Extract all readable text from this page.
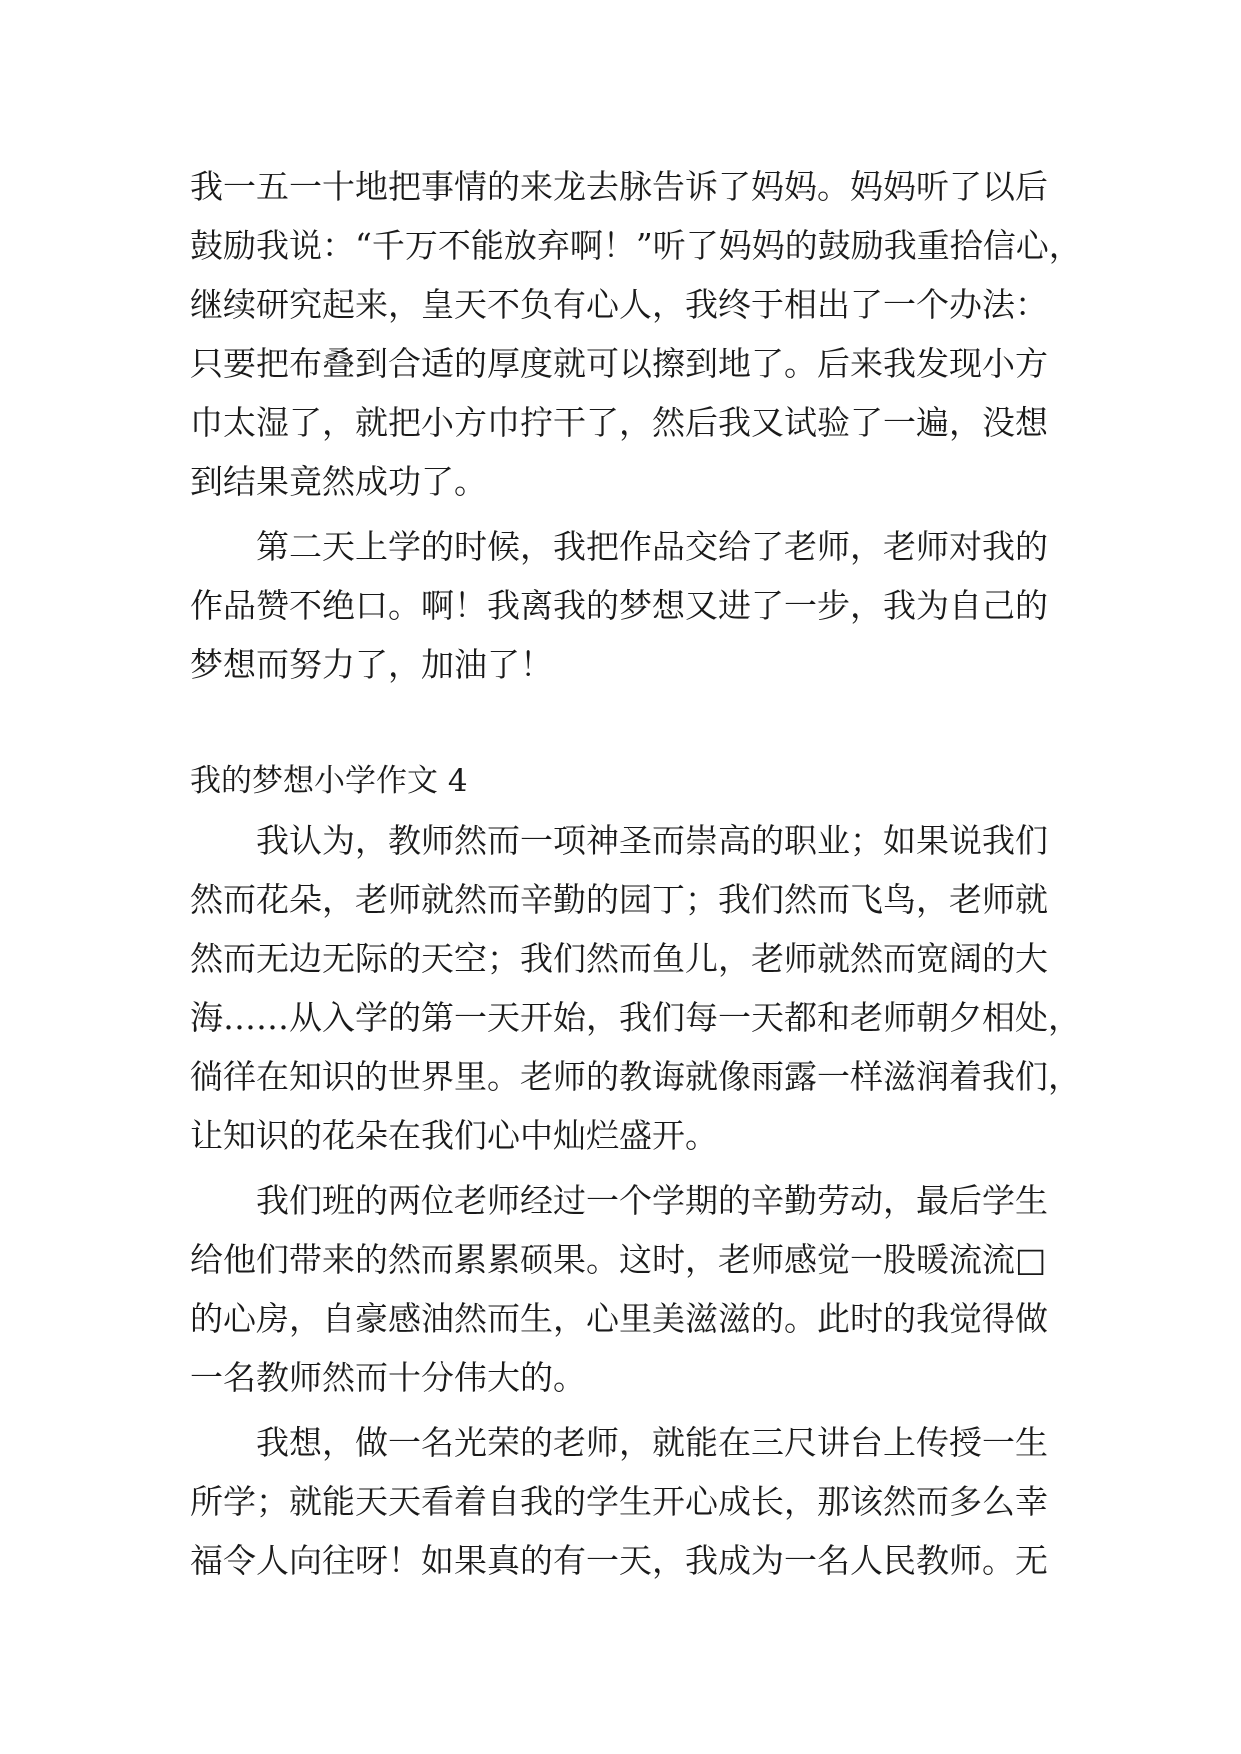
我一五一十地把事情的来龙去脉告诉了妈妈。妈妈听了以后
鼓励我说：“千万不能放弃啊！”听了妈妈的鼓励我重拾信心，
继续研究起来，皇天不负有心人，我终于相出了一个办法：
只要把布叠到合适的厚度就可以擦到地了。后来我发现小方
巾太湿了，就把小方巾拧干了，然后我又试验了一遍，没想
到结果竟然成功了。
第二天上学的时候，我把作品交给了老师，老师对我的
作品赞不绝口。啊！我离我的梦想又进了一步，我为自己的
梦想而努力了，加油了！
我的梦想小学作文 4
我认为，教师然而一项神圣而崇高的职业；如果说我们
然而花朵，老师就然而辛勤的园丁；我们然而飞鸟，老师就
然而无边无际的天空；我们然而鱼儿，老师就然而宽阔的大
海……从入学的第一天开始，我们每一天都和老师朝夕相处，
徜徉在知识的世界里。老师的教诲就像雨露一样滋润着我们，
让知识的花朵在我们心中灿烂盛开。
我们班的两位老师经过一个学期的辛勤劳动，最后学生
给他们带来的然而累累硕果。这时，老师感觉一股暖流流□
的心房，自豪感油然而生，心里美滋滋的。此时的我觉得做
一名教师然而十分伟大的。
我想，做一名光荣的老师，就能在三尺讲台上传授一生
所学；就能天天看着自我的学生开心成长，那该然而多么幸
福令人向往呀！如果真的有一天，我成为一名人民教师。无
